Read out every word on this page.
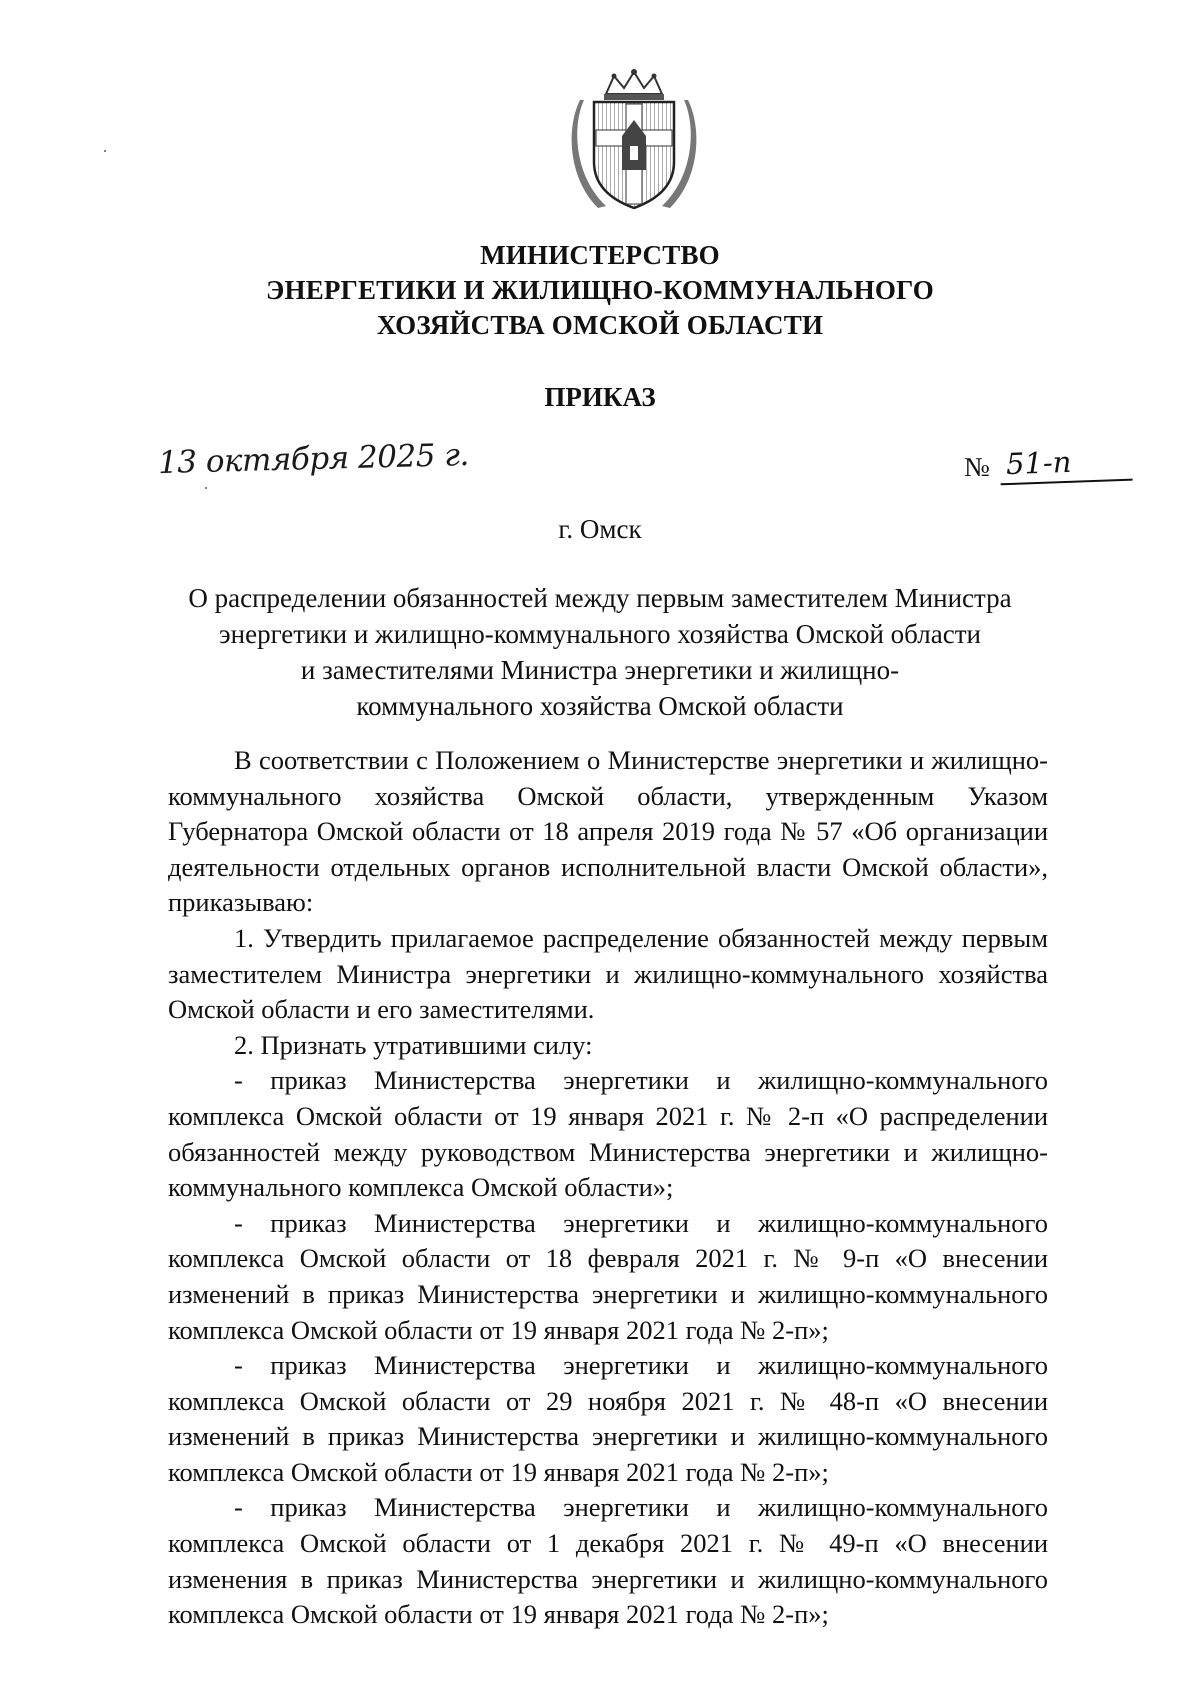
МИНИСТЕРСТВО
ЭНЕРГЕТИКИ И ЖИЛИЩНО-КОММУНАЛЬНОГО
ХОЗЯЙСТВА ОМСКОЙ ОБЛАСТИ
ПРИКАЗ
13 октября 2025 г.	№ 51-п
г. Омск
О распределении обязанностей между первым заместителем Министра
энергетики и жилищно-коммунального хозяйства Омской области
и заместителями Министра энергетики и жилищно-
коммунального хозяйства Омской области

В соответствии с Положением о Министерстве энергетики и жилищно-коммунального хозяйства Омской области, утвержденным Указом Губернатора Омской области от 18 апреля 2019 года № 57 «Об организации деятельности отдельных органов исполнительной власти Омской области», приказываю:

1. Утвердить прилагаемое распределение обязанностей между первым заместителем Министра энергетики и жилищно-коммунального хозяйства Омской области и его заместителями.

2. Признать утратившими силу:

- приказ Министерства энергетики и жилищно-коммунального комплекса Омской области от 19 января 2021 г. № 2-п «О распределении обязанностей между руководством Министерства энергетики и жилищно-коммунального комплекса Омской области»;

- приказ Министерства энергетики и жилищно-коммунального комплекса Омской области от 18 февраля 2021 г. № 9-п «О внесении изменений в приказ Министерства энергетики и жилищно-коммунального комплекса Омской области от 19 января 2021 года № 2-п»;

- приказ Министерства энергетики и жилищно-коммунального комплекса Омской области от 29 ноября 2021 г. № 48-п «О внесении изменений в приказ Министерства энергетики и жилищно-коммунального комплекса Омской области от 19 января 2021 года № 2-п»;

- приказ Министерства энергетики и жилищно-коммунального комплекса Омской области от 1 декабря 2021 г. № 49-п «О внесении изменения в приказ Министерства энергетики и жилищно-коммунального комплекса Омской области от 19 января 2021 года № 2-п»;
